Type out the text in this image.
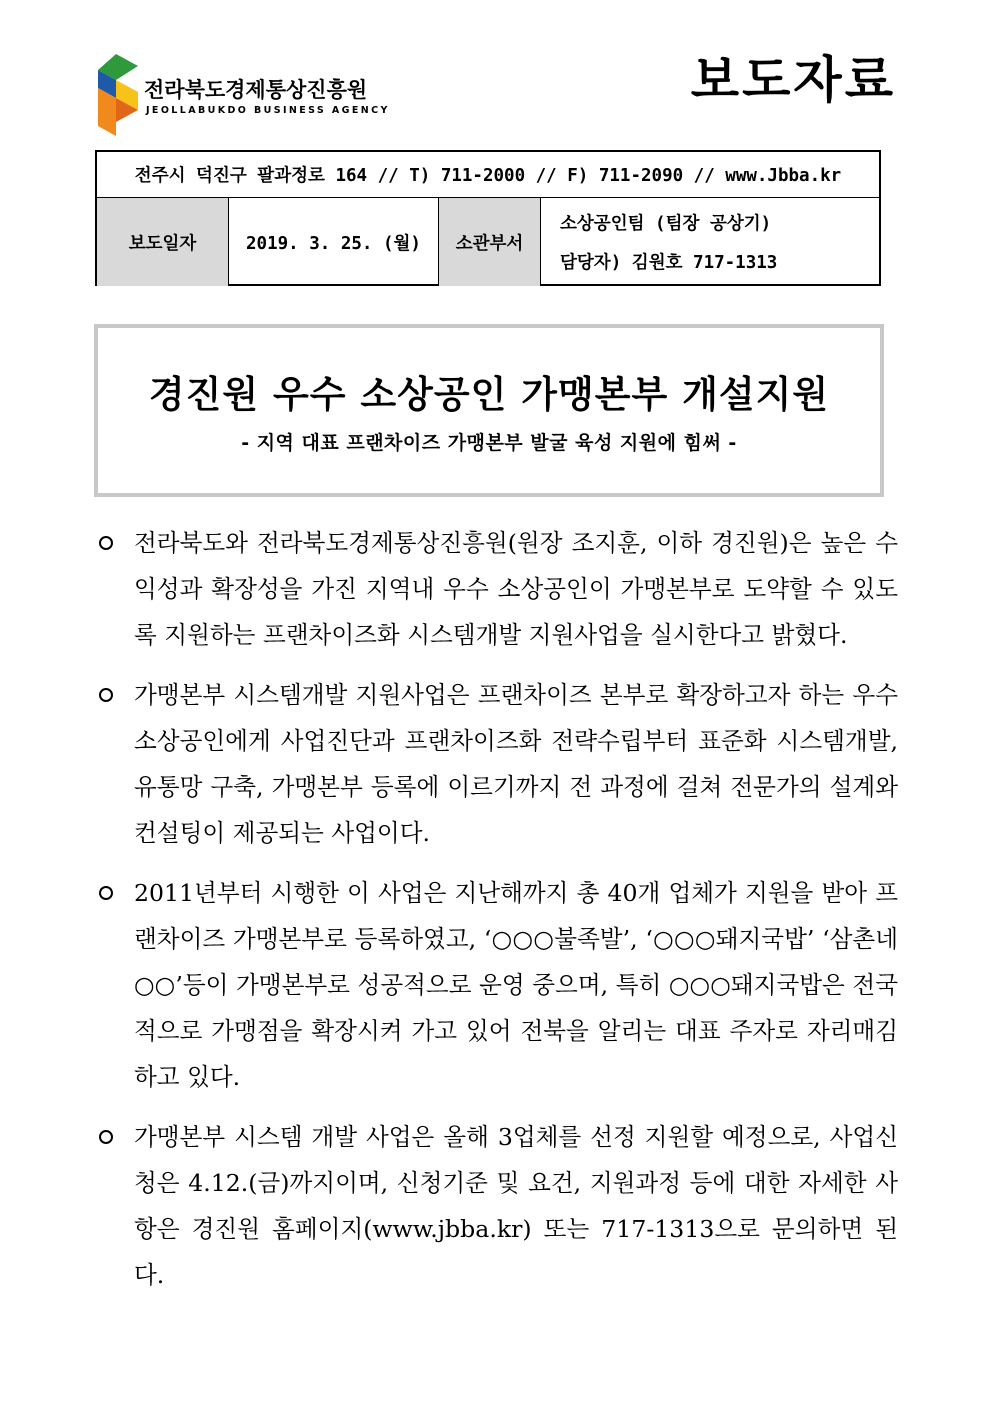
전라북도경제통상진흥원
JEOLLABUKDO BUSINESS AGENCY
보도자료
전주시 덕진구 팔과정로 164 // T) 711-2000 // F) 711-2090 // www.Jbba.kr
보도일자	2019. 3. 25. (월)	소관부서
소상공인팀 (팀장 공상기)
담당자) 김원호 717-1313
경진원 우수 소상공인 가맹본부 개설지원
- 지역 대표 프랜차이즈 가맹본부 발굴 육성 지원에 힘써 -
전라북도와 전라북도경제통상진흥원(원장 조지훈, 이하 경진원)은 높은 수익성과 확장성을 가진 지역내 우수 소상공인이 가맹본부로 도약할 수 있도록 지원하는 프랜차이즈화 시스템개발 지원사업을 실시한다고 밝혔다.
가맹본부 시스템개발 지원사업은 프랜차이즈 본부로 확장하고자 하는 우수 소상공인에게 사업진단과 프랜차이즈화 전략수립부터 표준화 시스템개발, 유통망 구축, 가맹본부 등록에 이르기까지 전 과정에 걸쳐 전문가의 설계와 컨설팅이 제공되는 사업이다.
2011년부터 시행한 이 사업은 지난해까지 총 40개 업체가 지원을 받아 프랜차이즈 가맹본부로 등록하였고, ‘○○○불족발’, ‘○○○돼지국밥’ ‘삼촌네○○’등이 가맹본부로 성공적으로 운영 중으며, 특히 ○○○돼지국밥은 전국적으로 가맹점을 확장시켜 가고 있어 전북을 알리는 대표 주자로 자리매김 하고 있다.
가맹본부 시스템 개발 사업은 올해 3업체를 선정 지원할 예정으로, 사업신청은 4.12.(금)까지이며, 신청기준 및 요건, 지원과정 등에 대한 자세한 사항은 경진원 홈페이지(www.jbba.kr) 또는 717-1313으로 문의하면 된다.
